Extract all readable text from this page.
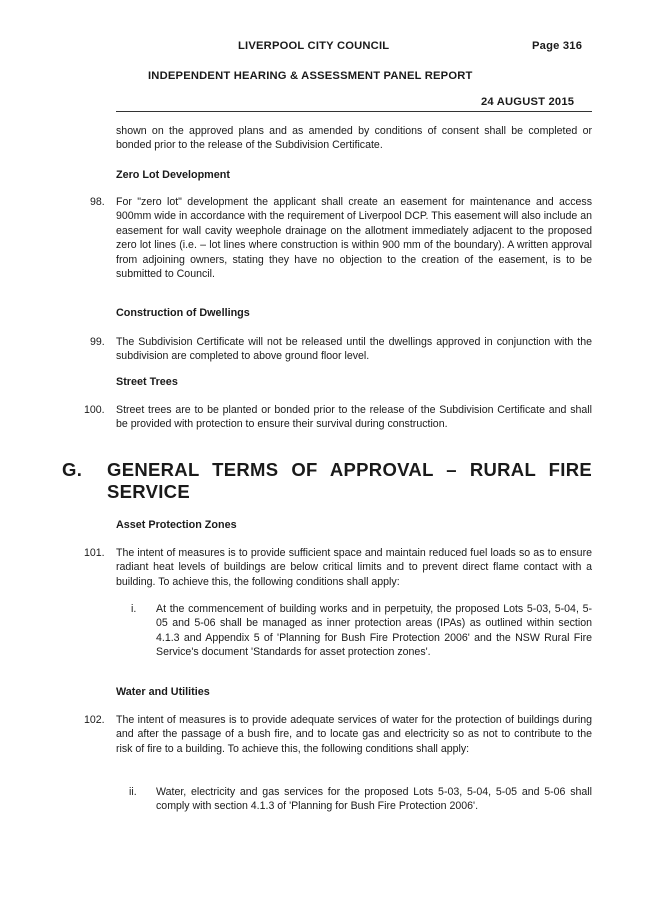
LIVERPOOL CITY COUNCIL	Page 316
INDEPENDENT HEARING & ASSESSMENT PANEL REPORT
24 AUGUST 2015
shown on the approved plans and as amended by conditions of consent shall be completed or bonded prior to the release of the Subdivision Certificate.
Zero Lot Development
98. For "zero lot" development the applicant shall create an easement for maintenance and access 900mm wide in accordance with the requirement of Liverpool DCP. This easement will also include an easement for wall cavity weephole drainage on the allotment immediately adjacent to the proposed zero lot lines (i.e. – lot lines where construction is within 900 mm of the boundary). A written approval from adjoining owners, stating they have no objection to the creation of the easement, is to be submitted to Council.
Construction of Dwellings
99. The Subdivision Certificate will not be released until the dwellings approved in conjunction with the subdivision are completed to above ground floor level.
Street Trees
100. Street trees are to be planted or bonded prior to the release of the Subdivision Certificate and shall be provided with protection to ensure their survival during construction.
G. GENERAL TERMS OF APPROVAL – RURAL FIRE
SERVICE
Asset Protection Zones
101. The intent of measures is to provide sufficient space and maintain reduced fuel loads so as to ensure radiant heat levels of buildings are below critical limits and to prevent direct flame contact with a building. To achieve this, the following conditions shall apply:
i. At the commencement of building works and in perpetuity, the proposed Lots 5-03, 5-04, 5-05 and 5-06 shall be managed as inner protection areas (IPAs) as outlined within section 4.1.3 and Appendix 5 of 'Planning for Bush Fire Protection 2006' and the NSW Rural Fire Service's document 'Standards for asset protection zones'.
Water and Utilities
102. The intent of measures is to provide adequate services of water for the protection of buildings during and after the passage of a bush fire, and to locate gas and electricity so as not to contribute to the risk of fire to a building. To achieve this, the following conditions shall apply:
ii. Water, electricity and gas services for the proposed Lots 5-03, 5-04, 5-05 and 5-06 shall comply with section 4.1.3 of 'Planning for Bush Fire Protection 2006'.
